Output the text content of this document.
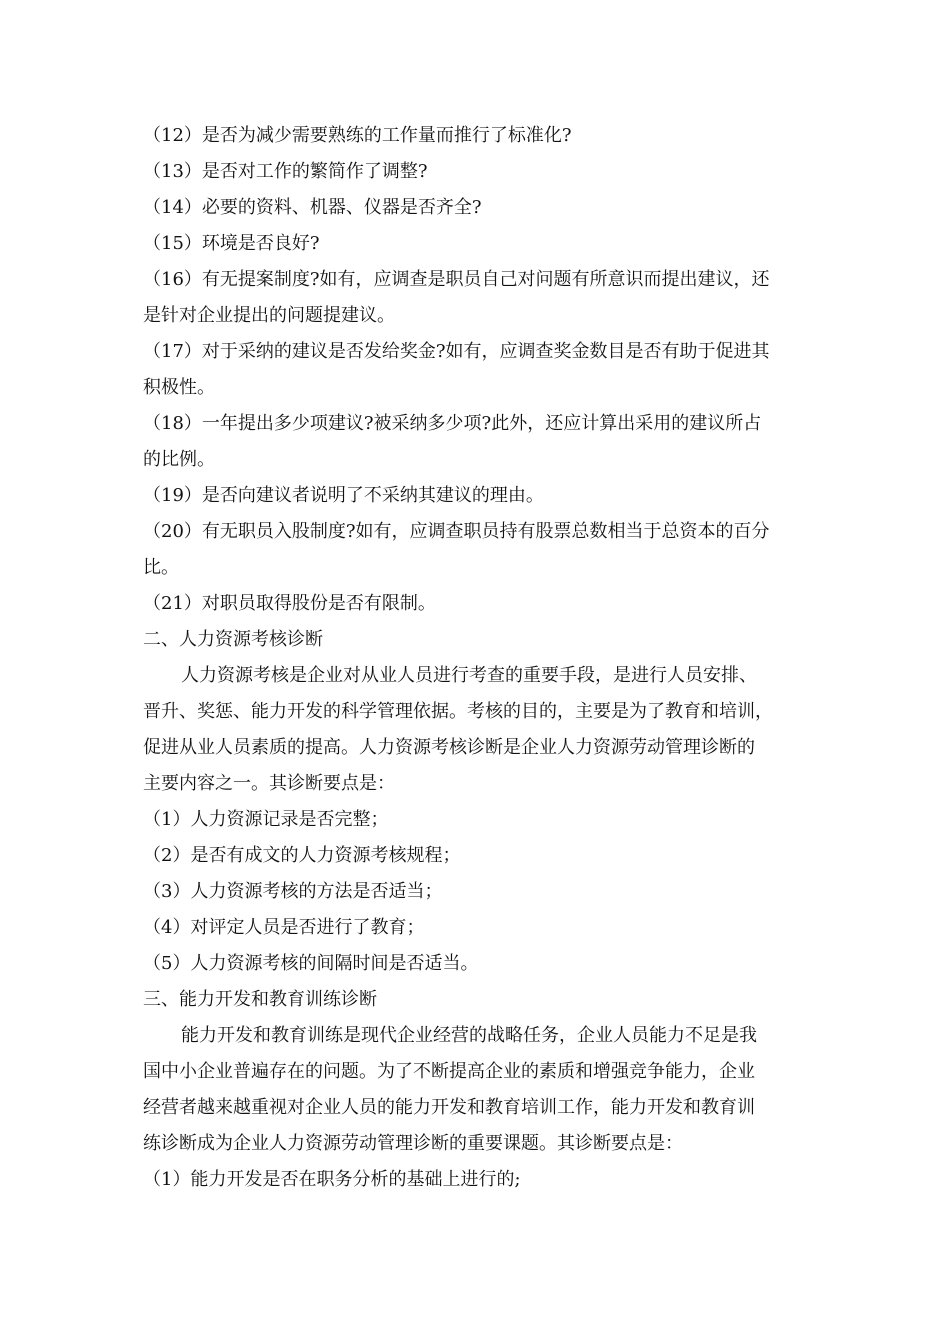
（12）是否为减少需要熟练的工作量而推行了标准化?
（13）是否对工作的繁简作了调整?
（14）必要的资料、机器、仪器是否齐全?
（15）环境是否良好?
（16）有无提案制度?如有，应调查是职员自己对问题有所意识而提出建议，还
是针对企业提出的问题提建议。
（17）对于采纳的建议是否发给奖金?如有，应调查奖金数目是否有助于促进其
积极性。
（18）一年提出多少项建议?被采纳多少项?此外，还应计算出采用的建议所占
的比例。
（19）是否向建议者说明了不采纳其建议的理由。
（20）有无职员入股制度?如有，应调查职员持有股票总数相当于总资本的百分
比。
（21）对职员取得股份是否有限制。
二、人力资源考核诊断
人力资源考核是企业对从业人员进行考查的重要手段，是进行人员安排、
晋升、奖惩、能力开发的科学管理依据。考核的目的，主要是为了教育和培训，
促进从业人员素质的提高。人力资源考核诊断是企业人力资源劳动管理诊断的
主要内容之一。其诊断要点是：
（1）人力资源记录是否完整；
（2）是否有成文的人力资源考核规程；
（3）人力资源考核的方法是否适当；
（4）对评定人员是否进行了教育；
（5）人力资源考核的间隔时间是否适当。
三、能力开发和教育训练诊断
能力开发和教育训练是现代企业经营的战略任务，企业人员能力不足是我
国中小企业普遍存在的问题。为了不断提高企业的素质和增强竞争能力，企业
经营者越来越重视对企业人员的能力开发和教育培训工作，能力开发和教育训
练诊断成为企业人力资源劳动管理诊断的重要课题。其诊断要点是：
（1）能力开发是否在职务分析的基础上进行的;
